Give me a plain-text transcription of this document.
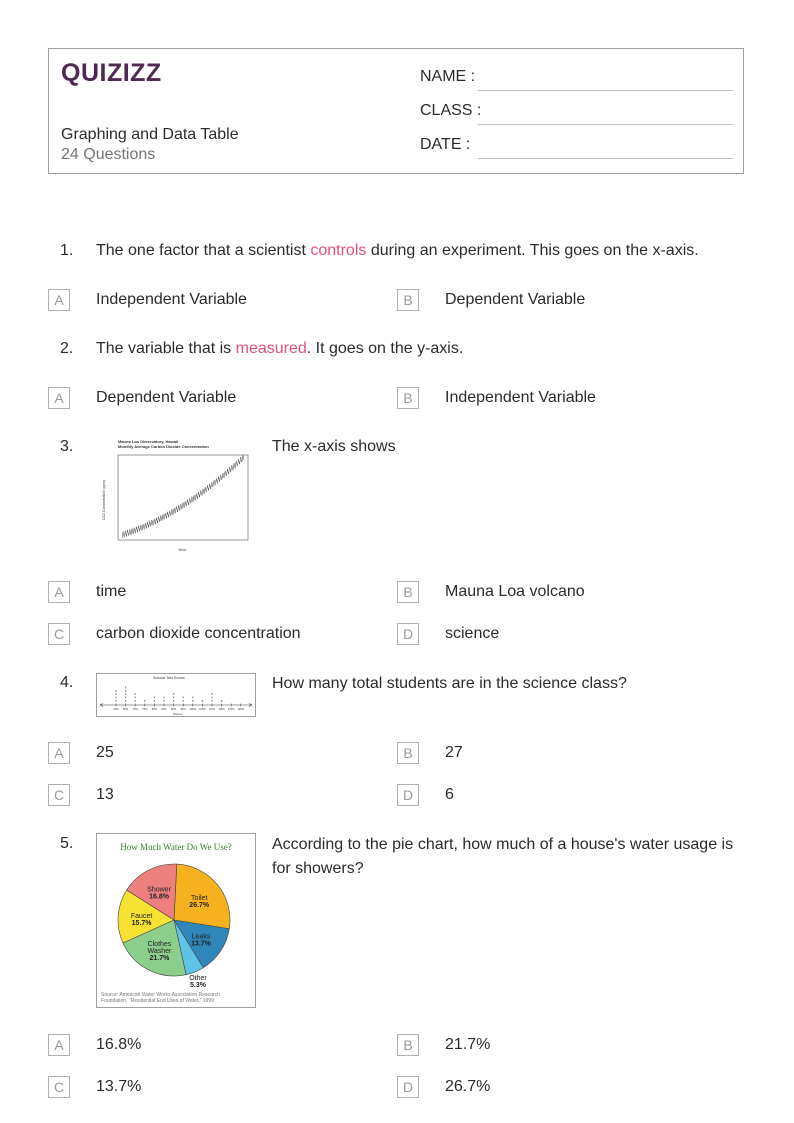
QUIZIZZ
Graphing and Data Table
24 Questions
NAME :
CLASS :
DATE :
1. The one factor that a scientist controls during an experiment. This goes on the x-axis.
A	Independent Variable	B	Dependent Variable
2. The variable that is measured. It goes on the y-axis.
A	Dependent Variable	B	Independent Variable
3.	Mauna Loa Observatory, Hawaii
Monthly Average Carbon Dioxide Concentration
CO2 Concentration (ppm)
Year
The x-axis shows
A	time	B	Mauna Loa volcano
C	carbon dioxide concentration	D	science
4.	Science Test Scores
60% 65% 70% 75% 80% 85% 90% 95% 100% 105% 110% 115% 120% 125%
x
x
x
x
x
x
x
x
x
x
x
x
x x
x
x
x
x
x
x
x
x
x
x
x x
x
x
x
Scores
How many total students are in the science class?
A	25	B	27
C	13	D	6
5.	How Much Water Do We Use?
Toilet
26.7%
Leaks
13.7%
Other
5.3%
Clothes
Washer
21.7%
Faucet
15.7%
Shower
16.8%
Source: American Water Works Association Research
Foundation, "Residential End Uses of Water," 1999
According to the pie chart, how much of a house's water usage is for showers?
A	16.8%	B	21.7%
C	13.7%	D	26.7%
